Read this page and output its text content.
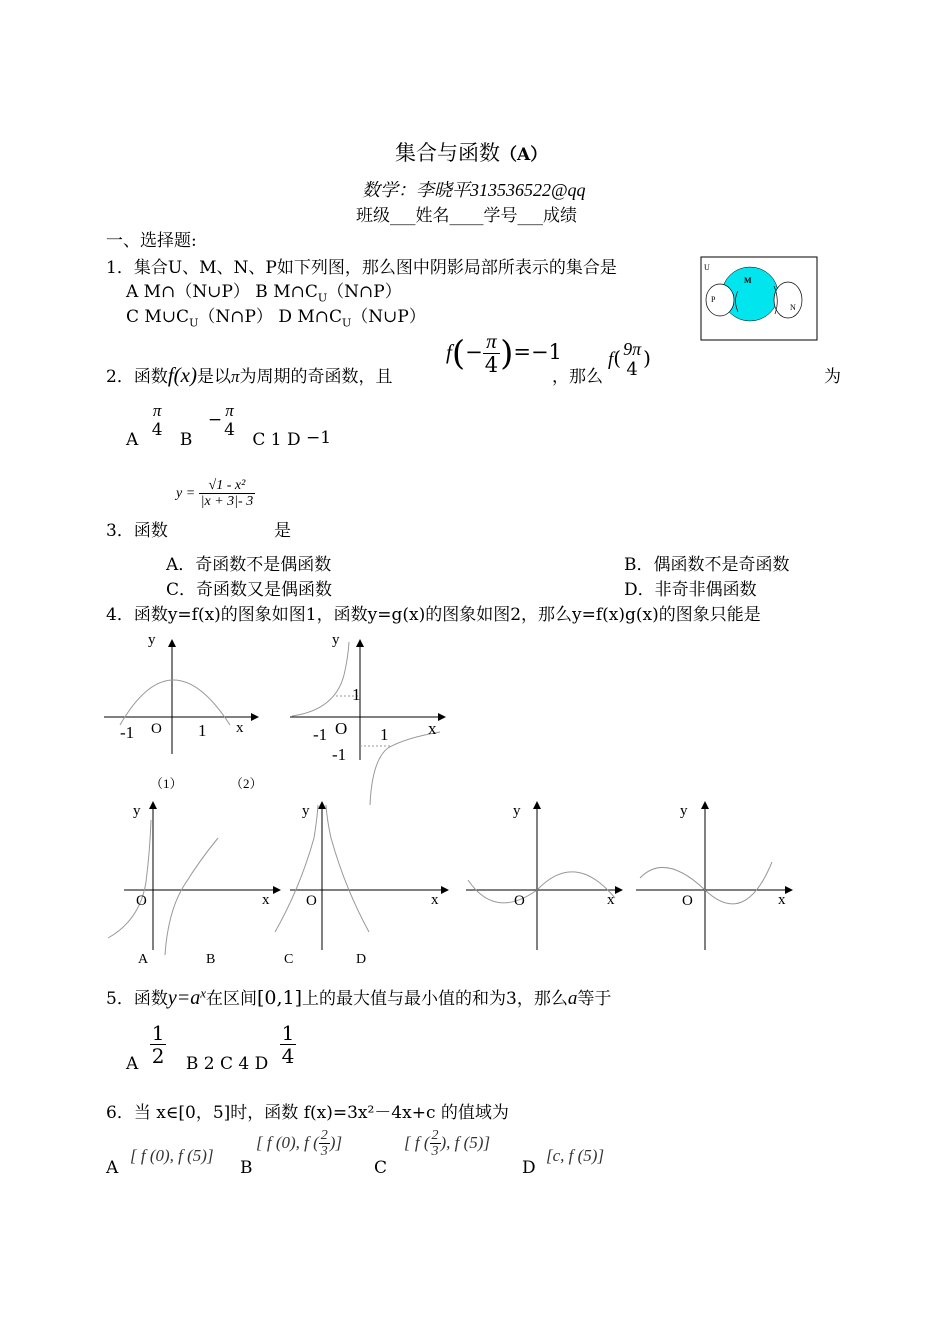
集合与函数（A）
数学：李晓平313536522@qq
班级___姓名____学号___成绩
一、选择题:
1．集合U、M、N、P如下列图，那么图中阴影局部所表示的集合是
A M∩（N∪P） B $M\cap C_U(N\cap P)$
C $M\cup C_U(N\cap P)$ D $M\cap C_U(N\cup P)$
U
M
P
N
2．函数f(x)是以π为周期的奇函数，且
$f(- \frac{\pi}{4} )=-1$
，那么
f( 9π
4 )
为
A
π
4
B − π
4
C 1 D −1
3．函数
$y = \frac{\text{√1 - x²}}{|x + 3|- 3}$
是
A．奇函数不是偶函数	B．偶函数不是奇函数
C．奇函数又是偶函数	D．非奇非偶函数
4．函数y=f(x)的图象如图1，函数y=g(x)的图象如图2，那么y=f(x)g(x)的图象只能是
y
x
O
-1	1
y
x
O
1
-1	1
-1
（1）	（2）
y
x
O
y
x
O
y
x
O
y
x
O
A	B	C	D
5．函数$y=a^x$在区间[0,1]上的最大值与最小值的和为3，那么a等于
A $\frac{1}{2}$ B 2 C 4 D $\frac{1}{4}$
6．当 x∈[0，5]时，函数 f(x)=3x²－4x+c 的值域为
A
[ f (0), f (5)]
B
[ f (0), f ( $\frac{2}{3}$ )]
C
[ f ( $\frac{2}{3}$ ), f (5)]
D
[c, f (5)]
